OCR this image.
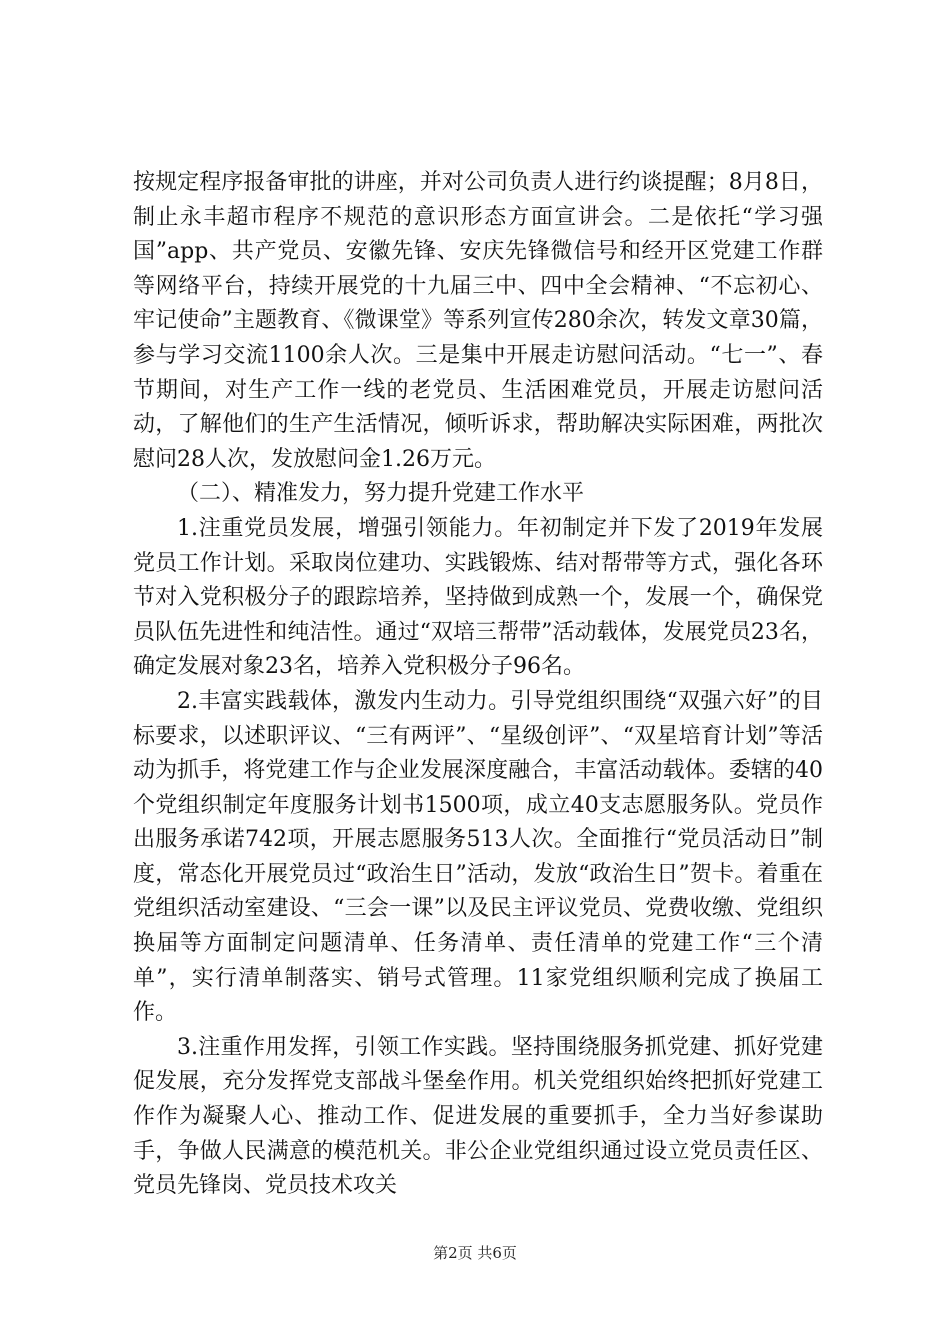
按规定程序报备审批的讲座，并对公司负责人进行约谈提醒；8月8日，制止永丰超市程序不规范的意识形态方面宣讲会。二是依托“学习强国”app、共产党员、安徽先锋、安庆先锋微信号和经开区党建工作群等网络平台，持续开展党的十九届三中、四中全会精神、“不忘初心、牢记使命”主题教育、《微课堂》等系列宣传280余次，转发文章30篇，参与学习交流1100余人次。三是集中开展走访慰问活动。“七一”、春节期间，对生产工作一线的老党员、生活困难党员，开展走访慰问活动，了解他们的生产生活情况，倾听诉求，帮助解决实际困难，两批次慰问28人次，发放慰问金1.26万元。

（二）、精准发力，努力提升党建工作水平

1.注重党员发展，增强引领能力。年初制定并下发了2019年发展党员工作计划。采取岗位建功、实践锻炼、结对帮带等方式，强化各环节对入党积极分子的跟踪培养，坚持做到成熟一个，发展一个，确保党员队伍先进性和纯洁性。通过“双培三帮带”活动载体，发展党员23名，确定发展对象23名，培养入党积极分子96名。

2.丰富实践载体，激发内生动力。引导党组织围绕“双强六好”的目标要求，以述职评议、“三有两评”、“星级创评”、“双星培育计划”等活动为抓手，将党建工作与企业发展深度融合，丰富活动载体。委辖的40个党组织制定年度服务计划书1500项，成立40支志愿服务队。党员作出服务承诺742项，开展志愿服务513人次。全面推行“党员活动日”制度，常态化开展党员过“政治生日”活动，发放“政治生日”贺卡。着重在党组织活动室建设、“三会一课”以及民主评议党员、党费收缴、党组织换届等方面制定问题清单、任务清单、责任清单的党建工作“三个清单”，实行清单制落实、销号式管理。11家党组织顺利完成了换届工作。

3.注重作用发挥，引领工作实践。坚持围绕服务抓党建、抓好党建促发展，充分发挥党支部战斗堡垒作用。机关党组织始终把抓好党建工作作为凝聚人心、推动工作、促进发展的重要抓手，全力当好参谋助手，争做人民满意的模范机关。非公企业党组织通过设立党员责任区、党员先锋岗、党员技术攻关

第2页 共6页
